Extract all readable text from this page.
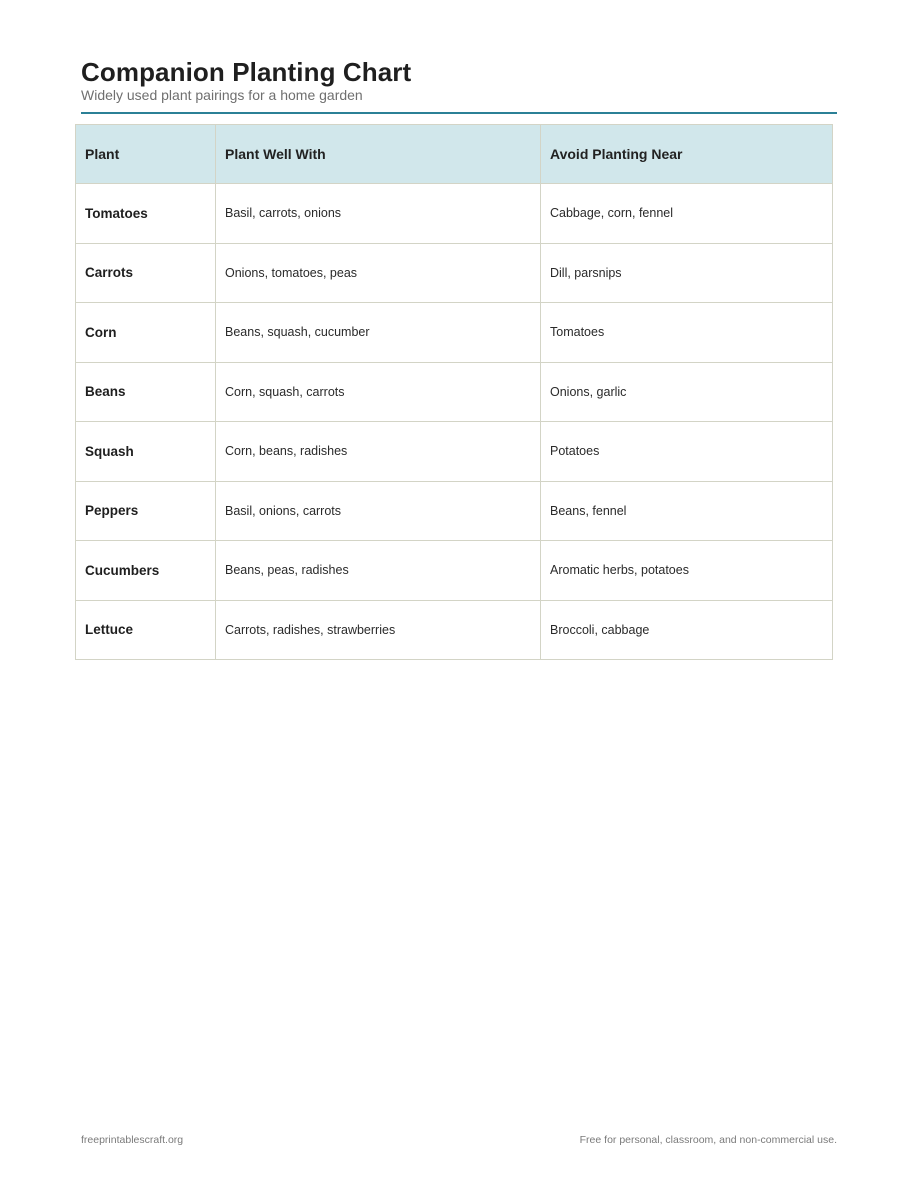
Companion Planting Chart

Widely used plant pairings for a home garden

Plant	Plant Well With	Avoid Planting Near
Tomatoes	Basil, carrots, onions	Cabbage, corn, fennel
Carrots	Onions, tomatoes, peas	Dill, parsnips
Corn	Beans, squash, cucumber	Tomatoes
Beans	Corn, squash, carrots	Onions, garlic
Squash	Corn, beans, radishes	Potatoes
Peppers	Basil, onions, carrots	Beans, fennel
Cucumbers	Beans, peas, radishes	Aromatic herbs, potatoes
Lettuce	Carrots, radishes, strawberries	Broccoli, cabbage
freeprintablescraft.org	Free for personal, classroom, and non-commercial use.
